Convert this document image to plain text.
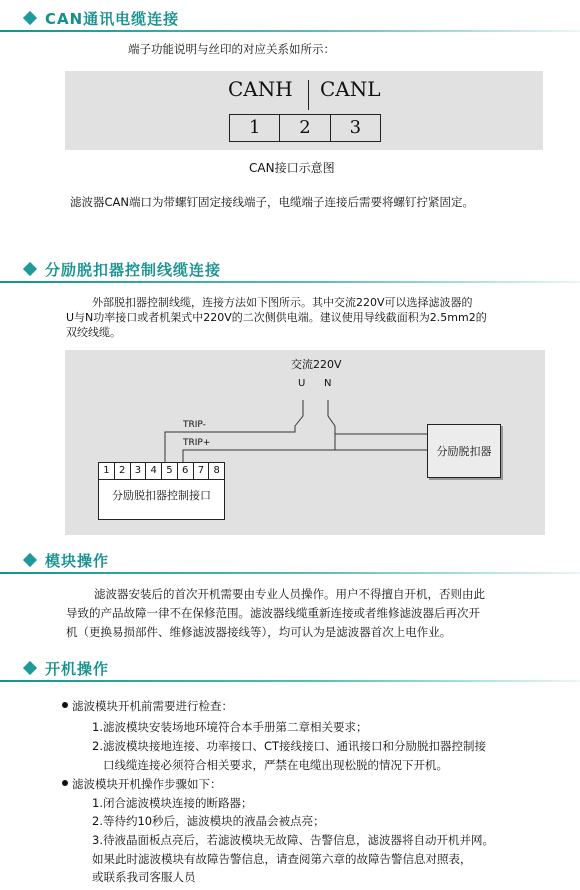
CAN通讯电缆连接
端子功能说明与丝印的对应关系如所示：
CANH CANL
1	2	3
CAN接口示意图
滤波器CAN端口为带螺钉固定接线端子，电缆端子连接后需要将螺钉拧紧固定。
分励脱扣器控制线缆连接
外部脱扣器控制线缆，连接方法如下图所示。其中交流220V可以选择滤波器的
U与N功率接口或者机架式中220V的二次侧供电端。建议使用导线截面积为2.5mm2的
双绞线缆。
交流220V
U N
TRIP-
TRIP+
1 2 3 4 5 6 7 8
分励脱扣器控制接口
分励脱扣器
模块操作
滤波器安装后的首次开机需要由专业人员操作。用户不得擅自开机，否则由此
导致的产品故障一律不在保修范围。滤波器线缆重新连接或者维修滤波器后再次开
机（更换易损部件、维修滤波器接线等），均可认为是滤波器首次上电作业。
开机操作
滤波模块开机前需要进行检查：
1.滤波模块安装场地环境符合本手册第二章相关要求；
2.滤波模块接地连接、功率接口、CT接线接口、通讯接口和分励脱扣器控制接
口线缆连接必须符合相关要求，严禁在电缆出现松脱的情况下开机。
滤波模块开机操作步骤如下：
1.闭合滤波模块连接的断路器；
2.等待约10秒后，滤波模块的液晶会被点亮；
3.待液晶面板点亮后，若滤波模块无故障、告警信息，滤波器将自动开机并网。
如果此时滤波模块有故障告警信息，请查阅第六章的故障告警信息对照表，
或联系我司客服人员
